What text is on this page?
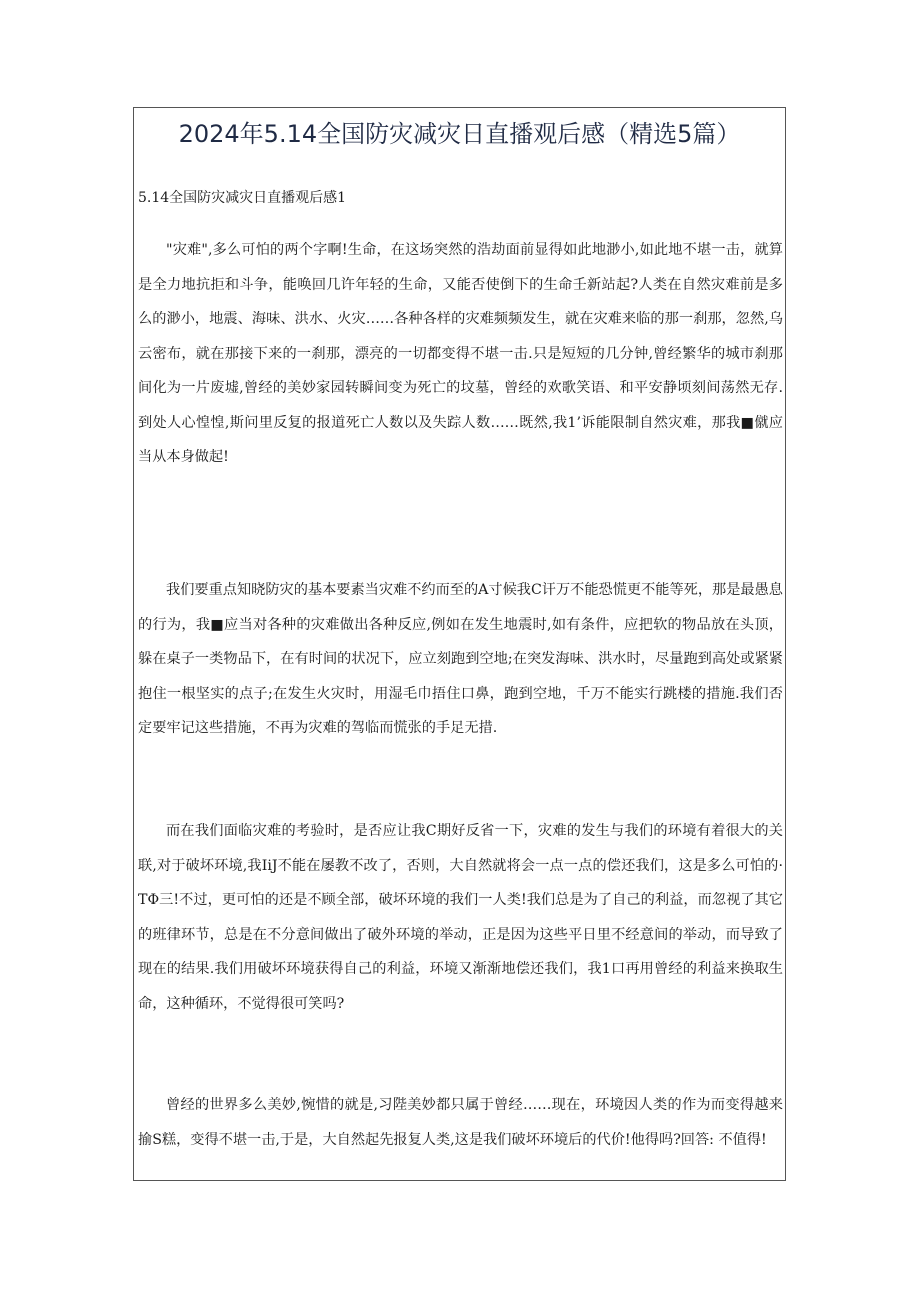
2024年5.14全国防灾减灾日直播观后感（精选5篇）

5.14全国防灾减灾日直播观后感1

"灾难",多么可怕的两个字啊!生命，在这场突然的浩劫面前显得如此地渺小,如此地不堪一击，就算是全力地抗拒和斗争，能唤回几许年轻的生命，又能否使倒下的生命壬新站起?人类在自然灾难前是多么的渺小，地震、海味、洪水、火灾……各种各样的灾难频频发生，就在灾难来临的那一刹那，忽然,乌云密布，就在那接下来的一刹那，漂亮的一切都变得不堪一击.只是短短的几分钟,曾经繁华的城市刹那间化为一片废墟,曾经的美妙家园转瞬间变为死亡的坟墓，曾经的欢歌笑语、和平安静顷刻间荡然无存.到处人心惶惶,斯问里反复的报道死亡人数以及失踪人数……既然,我1’诉能限制自然灾难，那我■僦应当从本身做起!

我们要重点知晓防灾的基本要素当灾难不约而至的A寸候我C讦万不能恐慌更不能等死，那是最愚息的行为，我■应当对各种的灾难做出各种反应,例如在发生地震时,如有条件，应把软的物品放在头顶，躲在桌子一类物品下，在有时间的状况下，应立刻跑到空地;在突发海味、洪水时，尽量跑到高处或紧紧抱住一根坚实的点子;在发生火灾时，用湿毛巾捂住口鼻，跑到空地，千万不能实行跳楼的措施.我们否定要牢记这些措施，不再为灾难的驾临而慌张的手足无措.

而在我们面临灾难的考验时，是否应让我C期好反省一下，灾难的发生与我们的环境有着很大的关联,对于破坏环境,我IiJ不能在屡教不改了，否则，大自然就将会一点一点的偿还我们，这是多么可怕的·TΦ三!不过，更可怕的还是不顾全部，破坏环境的我们一人类!我们总是为了自己的利益，而忽视了其它的班律环节，总是在不分意间做出了破外环境的举动，正是因为这些平日里不经意间的举动，而导致了现在的结果.我们用破坏环境获得自己的利益，环境又渐渐地偿还我们，我1口再用曾经的利益来换取生命，这种循环，不觉得很可笑吗?

曾经的世界多么美妙,惋惜的就是,习陛美妙都只属于曾经……现在，环境因人类的作为而变得越来揄S糕，变得不堪一击,于是，大自然起先报复人类,这是我们破坏环境后的代价!他得吗?回答: 不值得!
